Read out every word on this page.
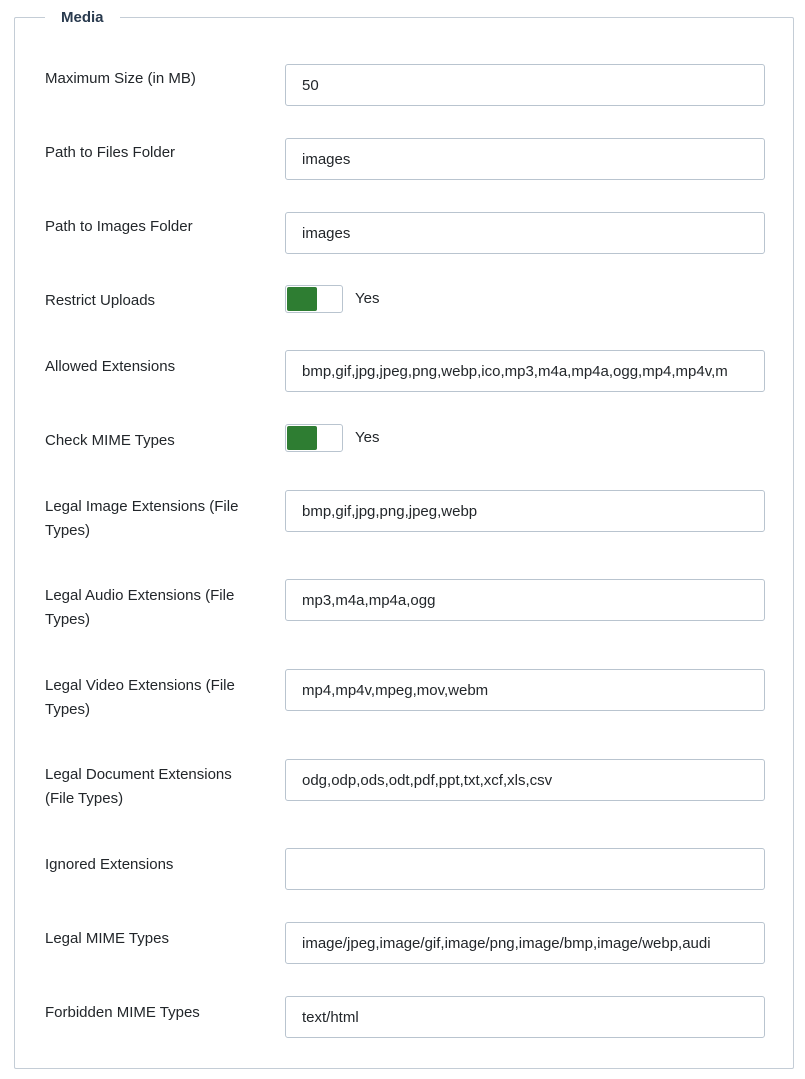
Media
Maximum Size (in MB)
50
Path to Files Folder
images
Path to Images Folder
images
Restrict Uploads	Yes
Allowed Extensions
bmp,gif,jpg,jpeg,png,webp,ico,mp3,m4a,mp4a,ogg,mp4,mp4v,m
Check MIME Types	Yes
Legal Image Extensions (File Types)
bmp,gif,jpg,png,jpeg,webp
Legal Audio Extensions (File Types)
mp3,m4a,mp4a,ogg
Legal Video Extensions (File Types)
mp4,mp4v,mpeg,mov,webm
Legal Document Extensions (File Types)
odg,odp,ods,odt,pdf,ppt,txt,xcf,xls,csv
Ignored Extensions
Legal MIME Types
image/jpeg,image/gif,image/png,image/bmp,image/webp,audi
Forbidden MIME Types
text/html
